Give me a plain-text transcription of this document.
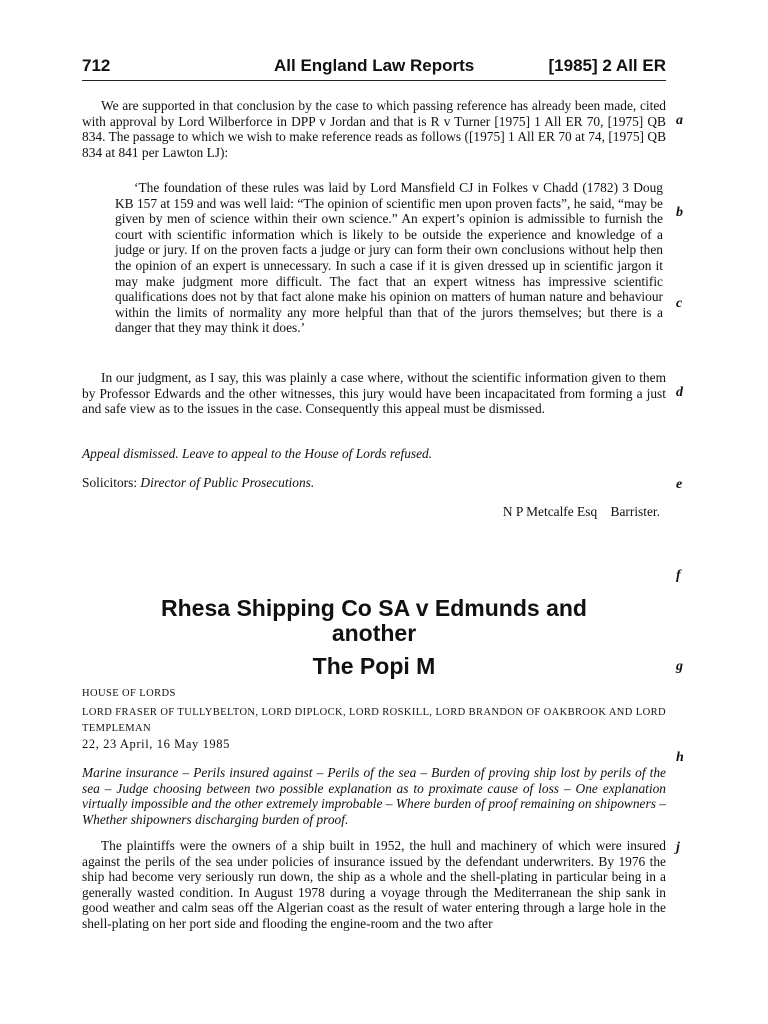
712	All England Law Reports	[1985] 2 All ER
We are supported in that conclusion by the case to which passing reference has already been made, cited with approval by Lord Wilberforce in DPP v Jordan and that is R v Turner [1975] 1 All ER 70, [1975] QB 834. The passage to which we wish to make reference reads as follows ([1975] 1 All ER 70 at 74, [1975] QB 834 at 841 per Lawton LJ):
‘The foundation of these rules was laid by Lord Mansfield CJ in Folkes v Chadd (1782) 3 Doug KB 157 at 159 and was well laid: “The opinion of scientific men upon proven facts”, he said, “may be given by men of science within their own science.” An expert’s opinion is admissible to furnish the court with scientific information which is likely to be outside the experience and knowledge of a judge or jury. If on the proven facts a judge or jury can form their own conclusions without help then the opinion of an expert is unnecessary. In such a case if it is given dressed up in scientific jargon it may make judgment more difficult. The fact that an expert witness has impressive scientific qualifications does not by that fact alone make his opinion on matters of human nature and behaviour within the limits of normality any more helpful than that of the jurors themselves; but there is a danger that they may think it does.’
In our judgment, as I say, this was plainly a case where, without the scientific information given to them by Professor Edwards and the other witnesses, this jury would have been incapacitated from forming a just and safe view as to the issues in the case. Consequently this appeal must be dismissed.
Appeal dismissed. Leave to appeal to the House of Lords refused.
Solicitors: Director of Public Prosecutions.
N P Metcalfe Esq    Barrister.
Rhesa Shipping Co SA v Edmunds and
another
The Popi M
HOUSE OF LORDS
LORD FRASER OF TULLYBELTON, LORD DIPLOCK, LORD ROSKILL, LORD BRANDON OF OAKBROOK AND LORD TEMPLEMAN
22, 23 April, 16 May 1985
Marine insurance – Perils insured against – Perils of the sea – Burden of proving ship lost by perils of the sea – Judge choosing between two possible explanation as to proximate cause of loss – One explanation virtually impossible and the other extremely improbable – Where burden of proof remaining on shipowners – Whether shipowners discharging burden of proof.
The plaintiffs were the owners of a ship built in 1952, the hull and machinery of which were insured against the perils of the sea under policies of insurance issued by the defendant underwriters. By 1976 the ship had become very seriously run down, the ship as a whole and the shell-plating in particular being in a generally wasted condition. In August 1978 during a voyage through the Mediterranean the ship sank in good weather and calm seas off the Algerian coast as the result of water entering through a large hole in the shell-plating on her port side and flooding the engine-room and the two after
a
b
c
d
e
f
g
h
j
